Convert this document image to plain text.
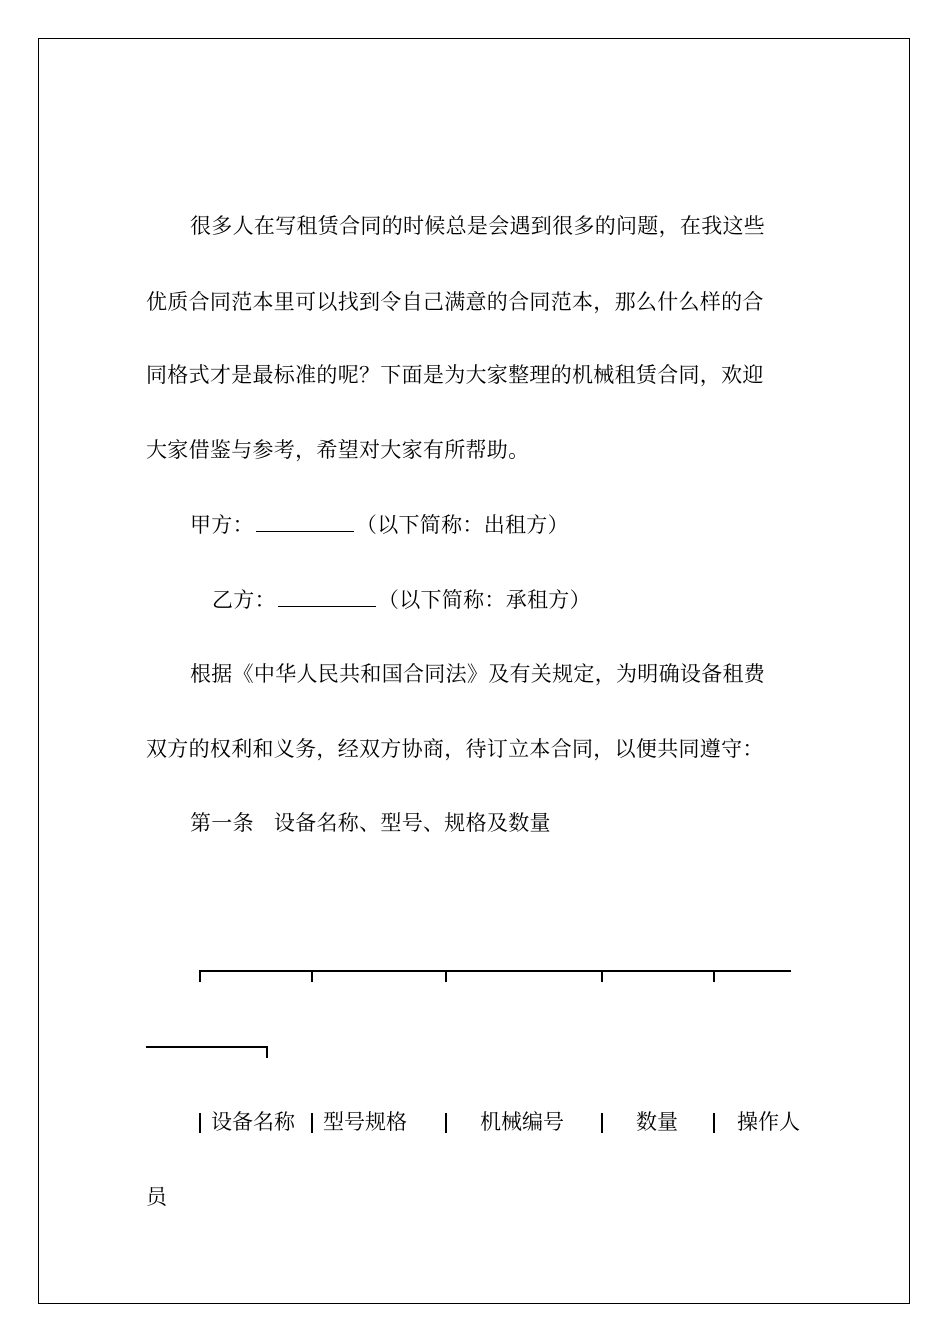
很多人在写租赁合同的时候总是会遇到很多的问题，在我这些
优质合同范本里可以找到令自己满意的合同范本，那么什么样的合
同格式才是最标准的呢？下面是为大家整理的机械租赁合同，欢迎
大家借鉴与参考，希望对大家有所帮助。
甲方：	（以下简称：出租方）
乙方：	（以下简称：承租方）
根据《中华人民共和国合同法》及有关规定，为明确设备租费
双方的权利和义务，经双方协商，待订立本合同，以便共同遵守：
第一条 设备名称、型号、规格及数量
设备名称 型号规格	机械编号	数量	操作人
员
